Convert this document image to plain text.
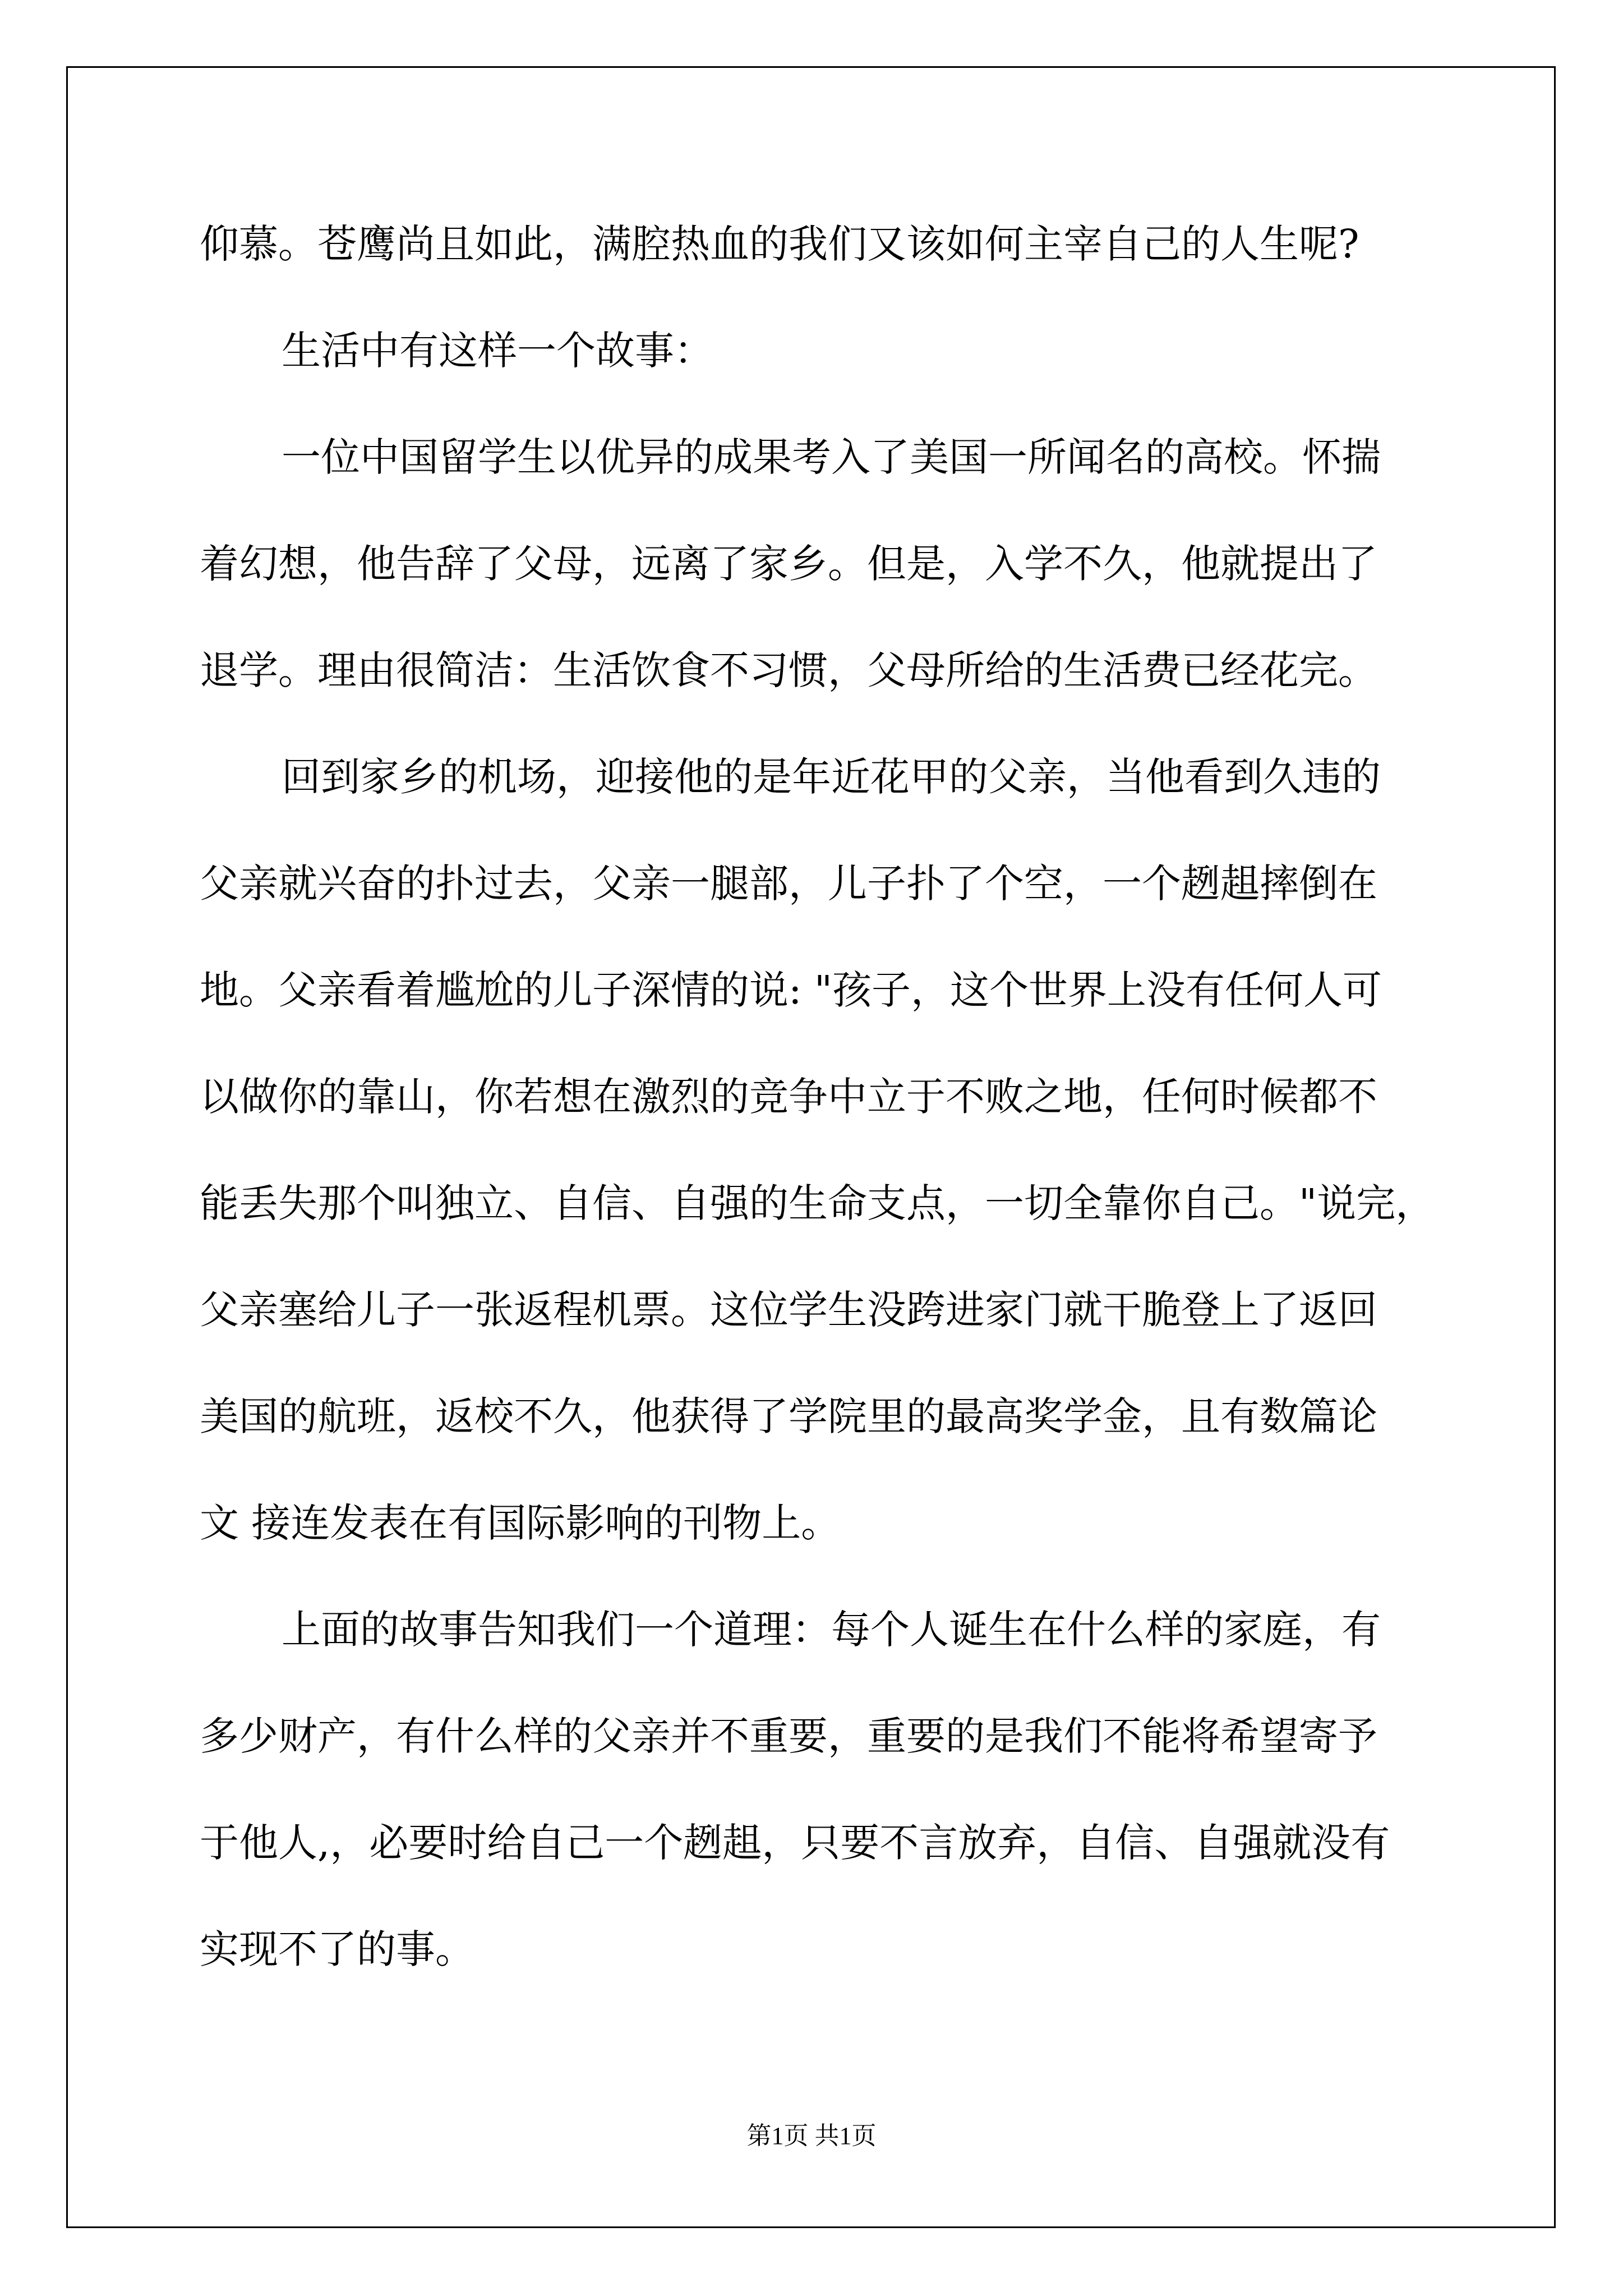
仰慕。苍鹰尚且如此，满腔热血的我们又该如何主宰自己的人生呢?
生活中有这样一个故事：
一位中国留学生以优异的成果考入了美国一所闻名的高校。怀揣
着幻想，他告辞了父母，远离了家乡。但是，入学不久，他就提出了
退学。理由很简洁：生活饮食不习惯，父母所给的生活费已经花完。
回到家乡的机场，迎接他的是年近花甲的父亲，当他看到久违的
父亲就兴奋的扑过去，父亲一腿部，儿子扑了个空，一个趔趄摔倒在
地。父亲看着尴尬的儿子深情的说: "孩子，这个世界上没有任何人可
以做你的靠山，你若想在激烈的竞争中立于不败之地，任何时候都不
能丢失那个叫独立、自信、自强的生命支点，一切全靠你自己。"说完，
父亲塞给儿子一张返程机票。这位学生没跨进家门就干脆登上了返回
美国的航班，返校不久，他获得了学院里的最高奖学金，且有数篇论
文 接连发表在有国际影响的刊物上。
上面的故事告知我们一个道理：每个人诞生在什么样的家庭，有
多少财产，有什么样的父亲并不重要，重要的是我们不能将希望寄予
于他人,，必要时给自己一个趔趄，只要不言放弃，自信、自强就没有
实现不了的事。
第1页 共1页
